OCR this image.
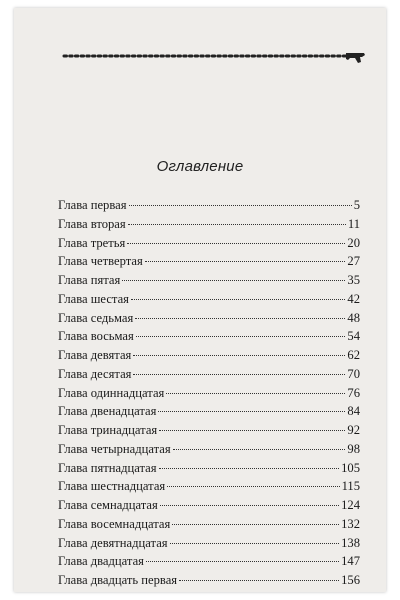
Оглавление
Глава первая	5
Глава вторая	11
Глава третья	20
Глава четвертая	27
Глава пятая	35
Глава шестая	42
Глава седьмая	48
Глава восьмая	54
Глава девятая	62
Глава десятая	70
Глава одиннадцатая	76
Глава двенадцатая	84
Глава тринадцатая	92
Глава четырнадцатая	98
Глава пятнадцатая	105
Глава шестнадцатая	115
Глава семнадцатая	124
Глава восемнадцатая	132
Глава девятнадцатая	138
Глава двадцатая	147
Глава двадцать первая	156
